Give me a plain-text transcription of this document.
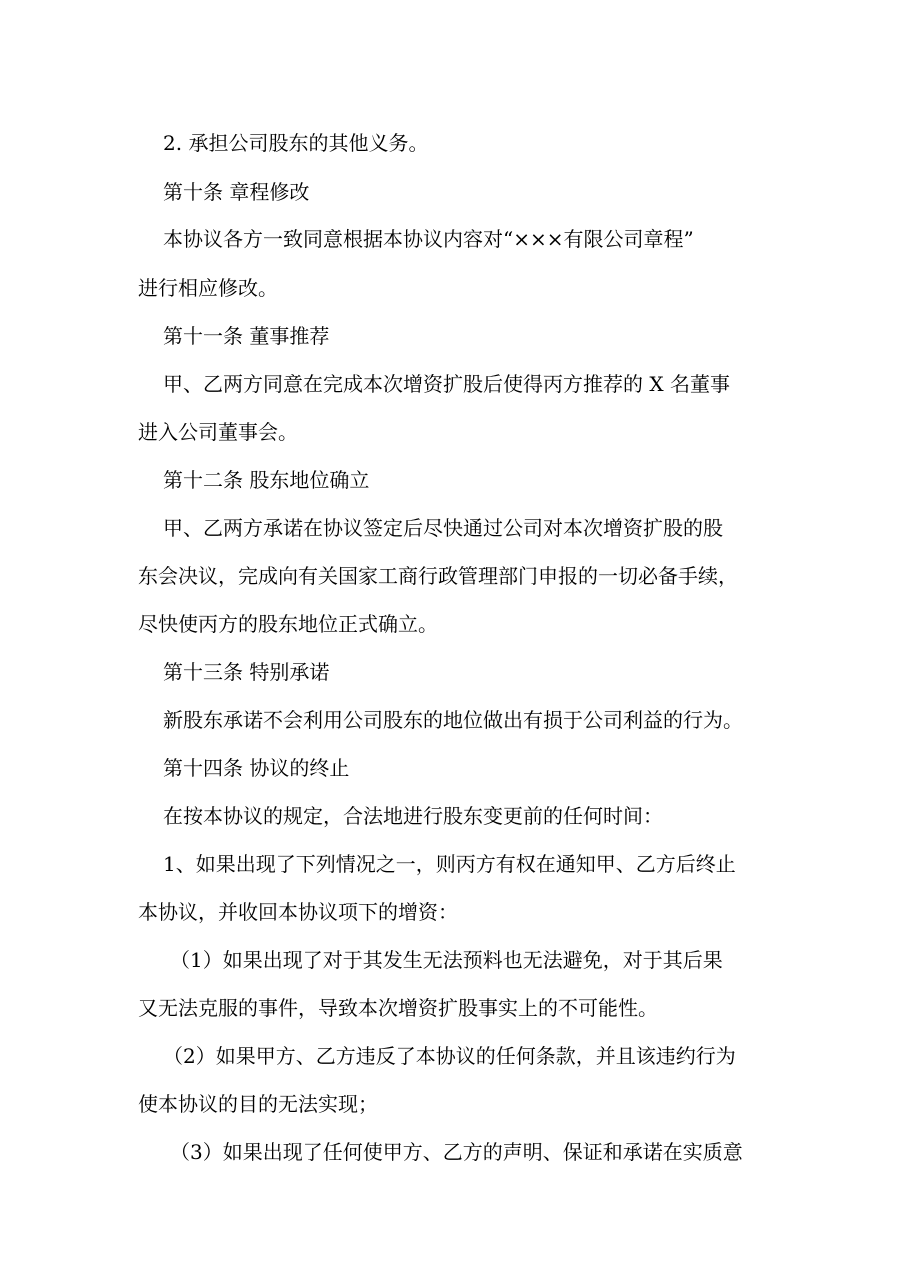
2. 承担公司股东的其他义务。
第十条 章程修改
本协议各方一致同意根据本协议内容对“×××有限公司章程”
进行相应修改。
第十一条 董事推荐
甲、乙两方同意在完成本次增资扩股后使得丙方推荐的 X 名董事
进入公司董事会。
第十二条 股东地位确立
甲、乙两方承诺在协议签定后尽快通过公司对本次增资扩股的股
东会决议，完成向有关国家工商行政管理部门申报的一切必备手续，
尽快使丙方的股东地位正式确立。
第十三条 特别承诺
新股东承诺不会利用公司股东的地位做出有损于公司利益的行为。
第十四条 协议的终止
在按本协议的规定，合法地进行股东变更前的任何时间：
1、如果出现了下列情况之一，则丙方有权在通知甲、乙方后终止
本协议，并收回本协议项下的增资：
（1）如果出现了对于其发生无法预料也无法避免，对于其后果
又无法克服的事件，导致本次增资扩股事实上的不可能性。
（2）如果甲方、乙方违反了本协议的任何条款，并且该违约行为
使本协议的目的无法实现；
（3）如果出现了任何使甲方、乙方的声明、保证和承诺在实质意
